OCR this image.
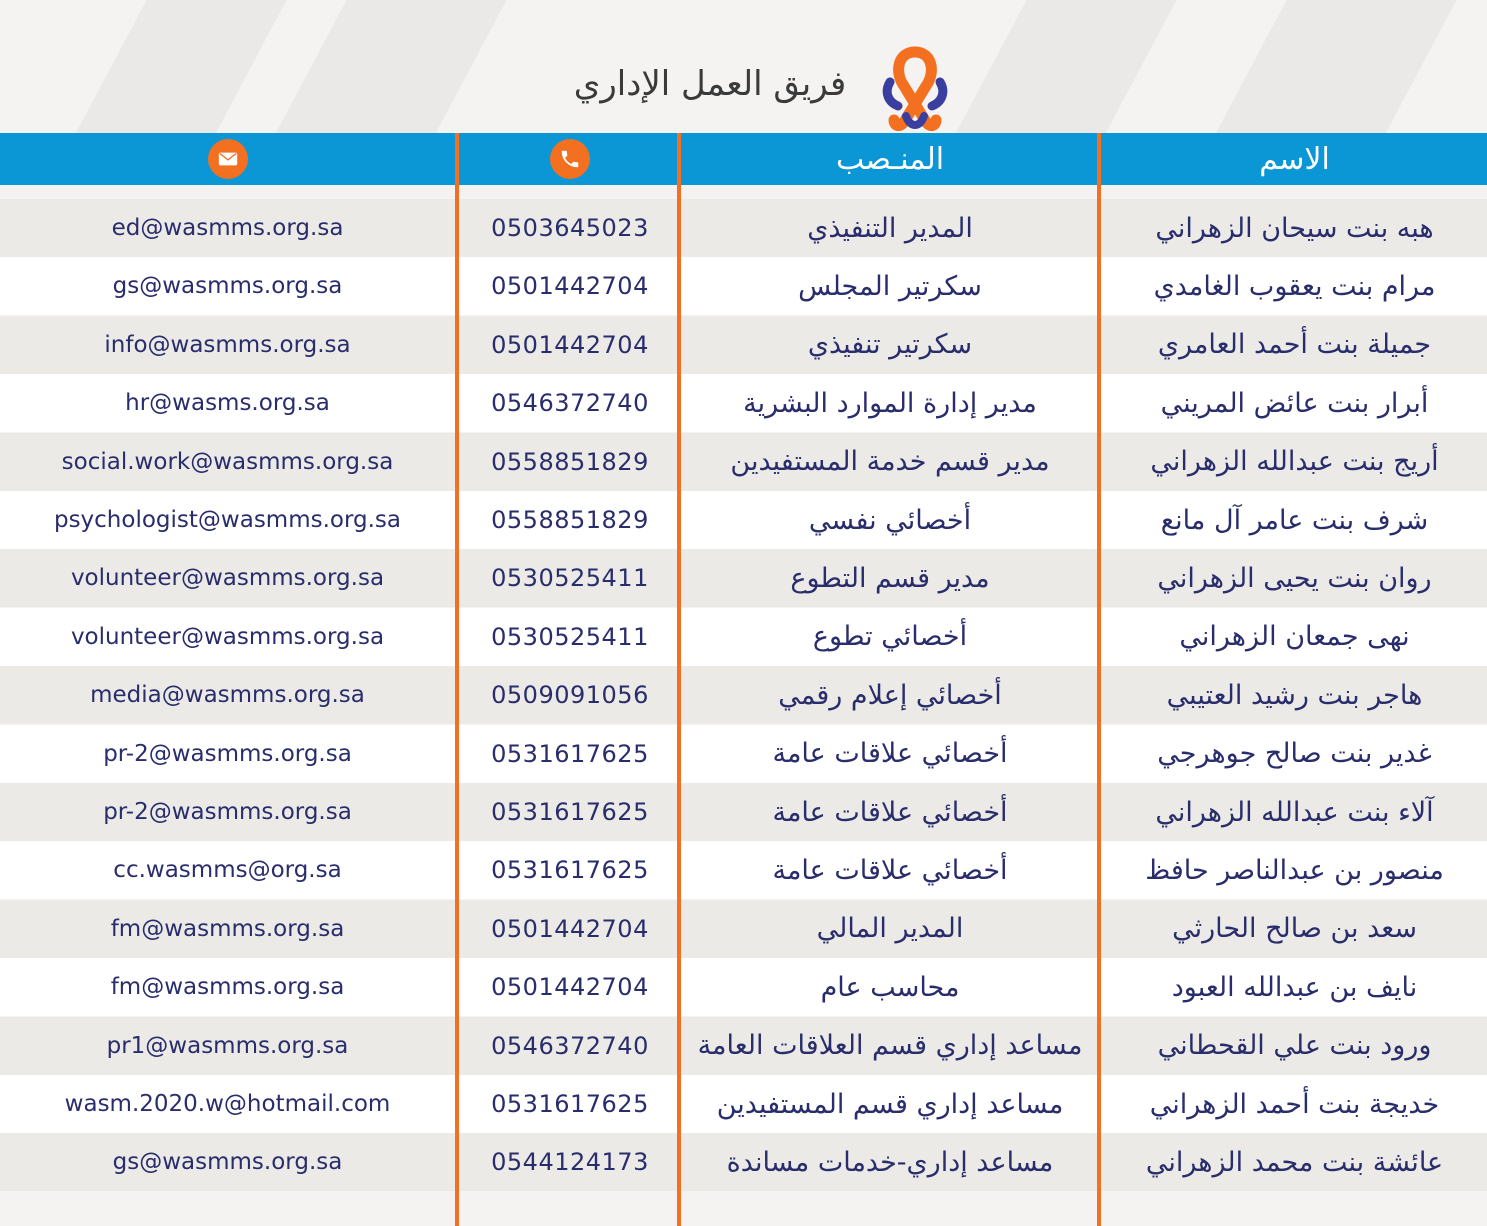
فريق العمل الإداري
هبه بنت سيحان الزهراني
المدير التنفيذي
0503645023
ed@wasmms.org.sa
مرام بنت يعقوب الغامدي
سكرتير المجلس
0501442704
gs@wasmms.org.sa
جميلة بنت أحمد العامري
سكرتير تنفيذي
0501442704
info@wasmms.org.sa
أبرار بنت عائض المريني
مدير إدارة الموارد البشرية
0546372740
hr@wasms.org.sa
أريج بنت عبدالله الزهراني
مدير قسم خدمة المستفيدين
0558851829
social.work@wasmms.org.sa
شرف بنت عامر آل مانع
أخصائي نفسي
0558851829
psychologist@wasmms.org.sa
روان بنت يحيى الزهراني
مدير قسم التطوع
0530525411
volunteer@wasmms.org.sa
نهى جمعان الزهراني
أخصائي تطوع
0530525411
volunteer@wasmms.org.sa
هاجر بنت رشيد العتيبي
أخصائي إعلام رقمي
0509091056
media@wasmms.org.sa
غدير بنت صالح جوهرجي
أخصائي علاقات عامة
0531617625
pr-2@wasmms.org.sa
آلاء بنت عبدالله الزهراني
أخصائي علاقات عامة
0531617625
pr-2@wasmms.org.sa
منصور بن عبدالناصر حافظ
أخصائي علاقات عامة
0531617625
cc.wasmms@org.sa
سعد بن صالح الحارثي
المدير المالي
0501442704
fm@wasmms.org.sa
نايف بن عبدالله العبود
محاسب عام
0501442704
fm@wasmms.org.sa
ورود بنت علي القحطاني
مساعد إداري قسم العلاقات العامة
0546372740
pr1@wasmms.org.sa
خديجة بنت أحمد الزهراني
مساعد إداري قسم المستفيدين
0531617625
wasm.2020.w@hotmail.com
عائشة بنت محمد الزهراني
مساعد إداري-خدمات مساندة
0544124173
gs@wasmms.org.sa
الاسم
المنـصب
